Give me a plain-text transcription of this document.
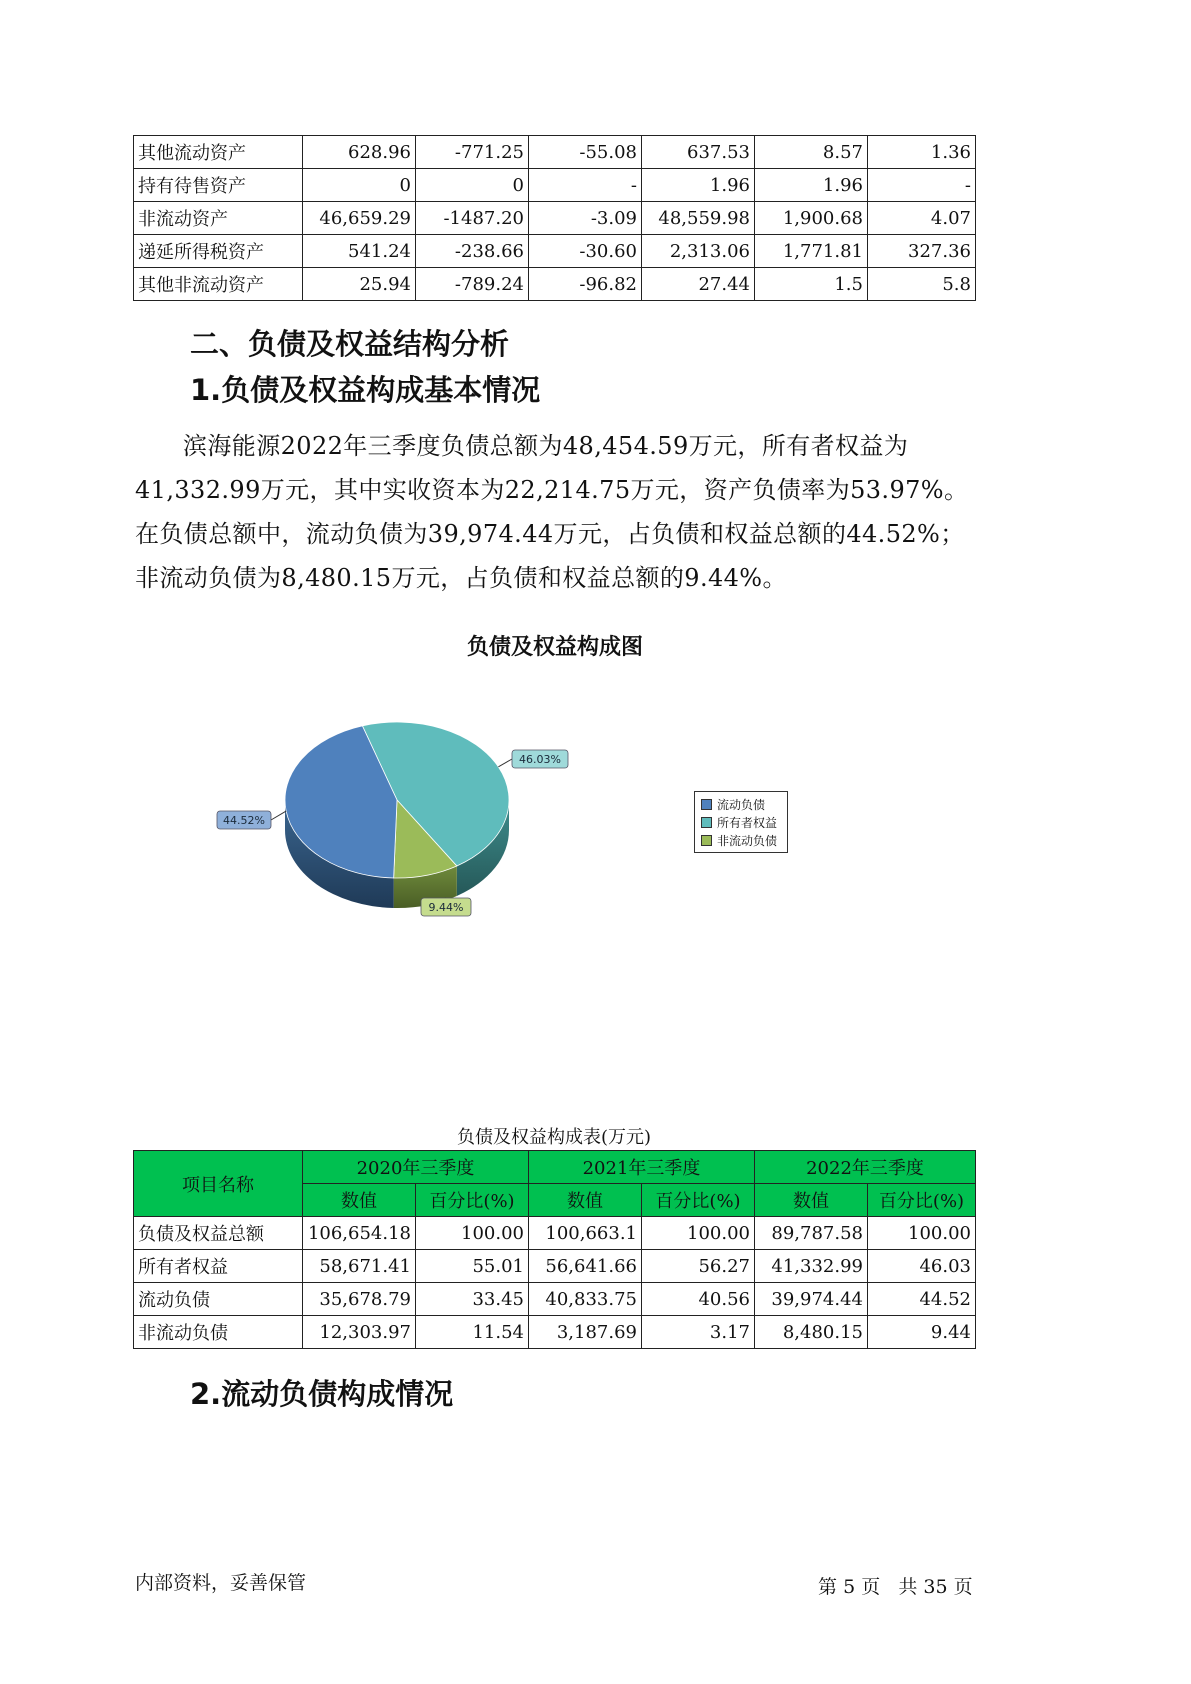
其他流动资产	628.96	-771.25	-55.08	637.53	8.57	1.36
持有待售资产	0	0	-	1.96	1.96	-
非流动资产	46,659.29	-1487.20	-3.09	48,559.98	1,900.68	4.07
递延所得税资产	541.24	-238.66	-30.60	2,313.06	1,771.81	327.36
其他非流动资产	25.94	-789.24	-96.82	27.44	1.5	5.8
二、负债及权益结构分析
1.负债及权益构成基本情况
滨海能源2022年三季度负债总额为48,454.59万元，所有者权益为41,332.99万元，其中实收资本为22,214.75万元，资产负债率为53.97%。在负债总额中，流动负债为39,974.44万元，占负债和权益总额的44.52%；非流动负债为8,480.15万元，占负债和权益总额的9.44%。
负债及权益构成图
46.03%
9.44%
44.52%
流动负债
所有者权益
非流动负债
负债及权益构成表(万元)
项目名称	2020年三季度		2021年三季度		2022年三季度	
	数值	百分比(%)	数值	百分比(%)	数值	百分比(%)
负债及权益总额	106,654.18	100.00	100,663.1	100.00	89,787.58	100.00
所有者权益	58,671.41	55.01	56,641.66	56.27	41,332.99	46.03
流动负债	35,678.79	33.45	40,833.75	40.56	39,974.44	44.52
非流动负债	12,303.97	11.54	3,187.69	3.17	8,480.15	9.44
2.流动负债构成情况
内部资料，妥善保管	第 5 页 共 35 页
